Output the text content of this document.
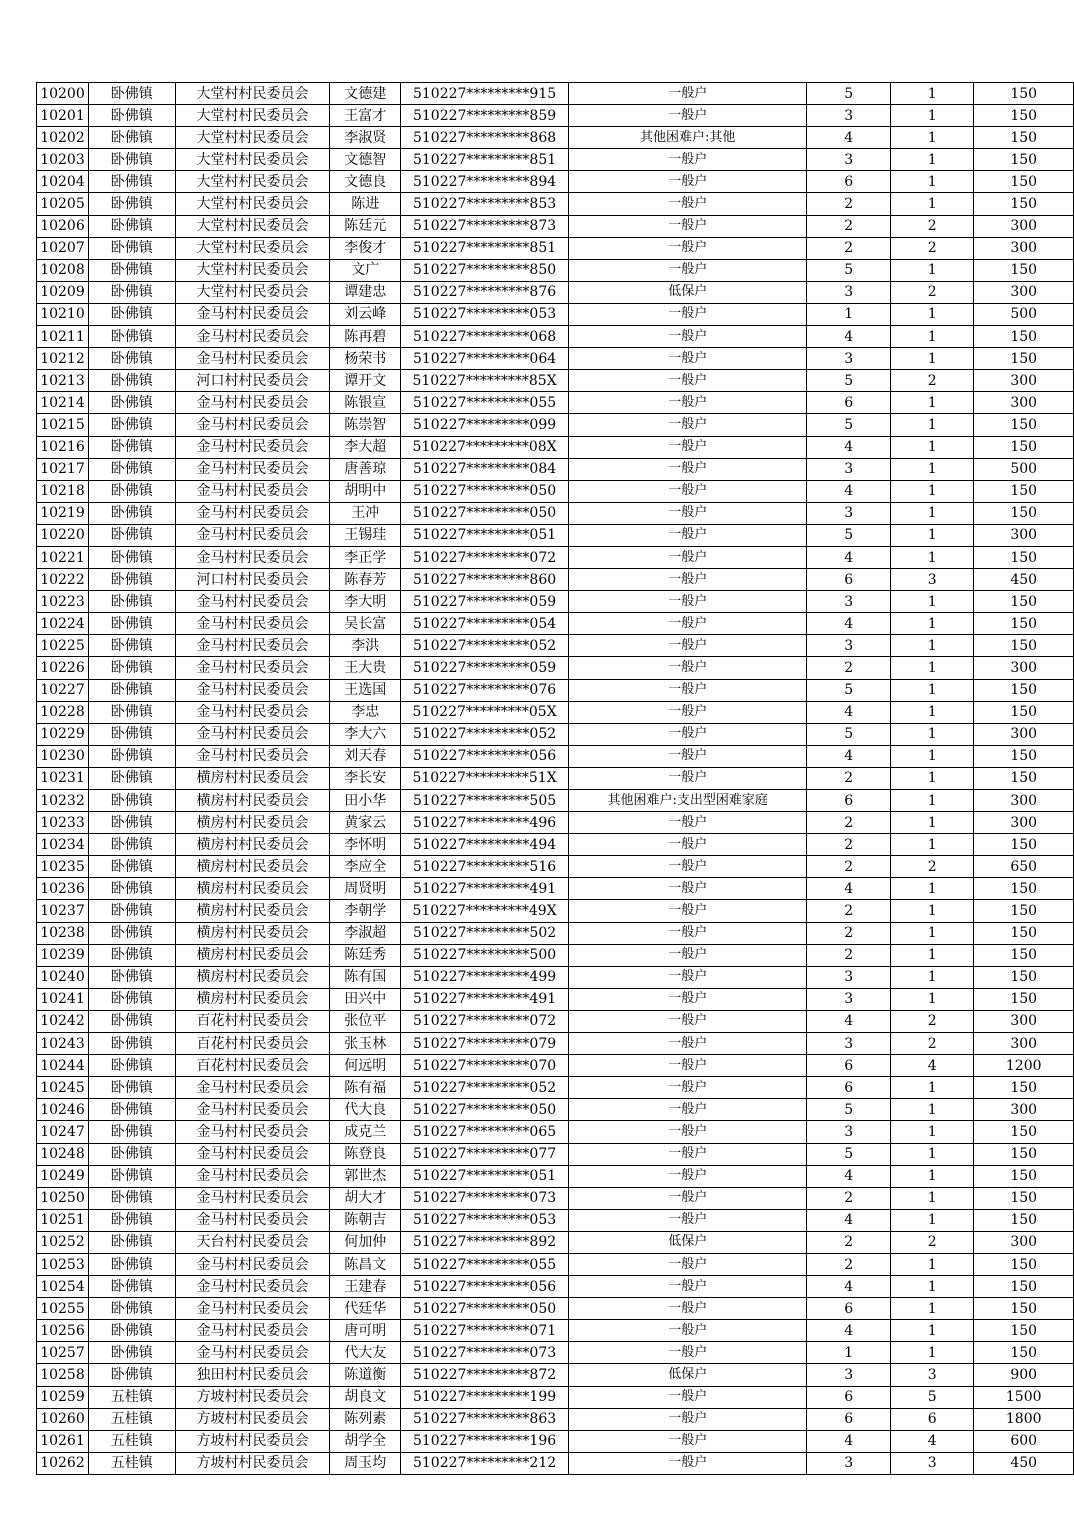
10200	卧佛镇	大堂村村民委员会	文德建	510227*********915	一般户	5	1	150
10201	卧佛镇	大堂村村民委员会	王富才	510227*********859	一般户	3	1	150
10202	卧佛镇	大堂村村民委员会	李淑贤	510227*********868	其他困难户:其他	4	1	150
10203	卧佛镇	大堂村村民委员会	文德智	510227*********851	一般户	3	1	150
10204	卧佛镇	大堂村村民委员会	文德良	510227*********894	一般户	6	1	150
10205	卧佛镇	大堂村村民委员会	陈进	510227*********853	一般户	2	1	150
10206	卧佛镇	大堂村村民委员会	陈廷元	510227*********873	一般户	2	2	300
10207	卧佛镇	大堂村村民委员会	李俊才	510227*********851	一般户	2	2	300
10208	卧佛镇	大堂村村民委员会	文广	510227*********850	一般户	5	1	150
10209	卧佛镇	大堂村村民委员会	谭建忠	510227*********876	低保户	3	2	300
10210	卧佛镇	金马村村民委员会	刘云峰	510227*********053	一般户	1	1	500
10211	卧佛镇	金马村村民委员会	陈再碧	510227*********068	一般户	4	1	150
10212	卧佛镇	金马村村民委员会	杨荣书	510227*********064	一般户	3	1	150
10213	卧佛镇	河口村村民委员会	谭开文	510227*********85X	一般户	5	2	300
10214	卧佛镇	金马村村民委员会	陈银宣	510227*********055	一般户	6	1	300
10215	卧佛镇	金马村村民委员会	陈崇智	510227*********099	一般户	5	1	150
10216	卧佛镇	金马村村民委员会	李大超	510227*********08X	一般户	4	1	150
10217	卧佛镇	金马村村民委员会	唐善琼	510227*********084	一般户	3	1	500
10218	卧佛镇	金马村村民委员会	胡明中	510227*********050	一般户	4	1	150
10219	卧佛镇	金马村村民委员会	王冲	510227*********050	一般户	3	1	150
10220	卧佛镇	金马村村民委员会	王锡珪	510227*********051	一般户	5	1	300
10221	卧佛镇	金马村村民委员会	李正学	510227*********072	一般户	4	1	150
10222	卧佛镇	河口村村民委员会	陈春芳	510227*********860	一般户	6	3	450
10223	卧佛镇	金马村村民委员会	李大明	510227*********059	一般户	3	1	150
10224	卧佛镇	金马村村民委员会	吴长富	510227*********054	一般户	4	1	150
10225	卧佛镇	金马村村民委员会	李洪	510227*********052	一般户	3	1	150
10226	卧佛镇	金马村村民委员会	王大贵	510227*********059	一般户	2	1	300
10227	卧佛镇	金马村村民委员会	王选国	510227*********076	一般户	5	1	150
10228	卧佛镇	金马村村民委员会	李忠	510227*********05X	一般户	4	1	150
10229	卧佛镇	金马村村民委员会	李大六	510227*********052	一般户	5	1	300
10230	卧佛镇	金马村村民委员会	刘天春	510227*********056	一般户	4	1	150
10231	卧佛镇	横房村村民委员会	李长安	510227*********51X	一般户	2	1	150
10232	卧佛镇	横房村村民委员会	田小华	510227*********505	其他困难户:支出型困难家庭	6	1	300
10233	卧佛镇	横房村村民委员会	黄家云	510227*********496	一般户	2	1	300
10234	卧佛镇	横房村村民委员会	李怀明	510227*********494	一般户	2	1	150
10235	卧佛镇	横房村村民委员会	李应全	510227*********516	一般户	2	2	650
10236	卧佛镇	横房村村民委员会	周贤明	510227*********491	一般户	4	1	150
10237	卧佛镇	横房村村民委员会	李朝学	510227*********49X	一般户	2	1	150
10238	卧佛镇	横房村村民委员会	李淑超	510227*********502	一般户	2	1	150
10239	卧佛镇	横房村村民委员会	陈廷秀	510227*********500	一般户	2	1	150
10240	卧佛镇	横房村村民委员会	陈有国	510227*********499	一般户	3	1	150
10241	卧佛镇	横房村村民委员会	田兴中	510227*********491	一般户	3	1	150
10242	卧佛镇	百花村村民委员会	张位平	510227*********072	一般户	4	2	300
10243	卧佛镇	百花村村民委员会	张玉林	510227*********079	一般户	3	2	300
10244	卧佛镇	百花村村民委员会	何远明	510227*********070	一般户	6	4	1200
10245	卧佛镇	金马村村民委员会	陈有福	510227*********052	一般户	6	1	150
10246	卧佛镇	金马村村民委员会	代大良	510227*********050	一般户	5	1	300
10247	卧佛镇	金马村村民委员会	成克兰	510227*********065	一般户	3	1	150
10248	卧佛镇	金马村村民委员会	陈登良	510227*********077	一般户	5	1	150
10249	卧佛镇	金马村村民委员会	郭世杰	510227*********051	一般户	4	1	150
10250	卧佛镇	金马村村民委员会	胡大才	510227*********073	一般户	2	1	150
10251	卧佛镇	金马村村民委员会	陈朝吉	510227*********053	一般户	4	1	150
10252	卧佛镇	天台村村民委员会	何加仲	510227*********892	低保户	2	2	300
10253	卧佛镇	金马村村民委员会	陈昌文	510227*********055	一般户	2	1	150
10254	卧佛镇	金马村村民委员会	王建春	510227*********056	一般户	4	1	150
10255	卧佛镇	金马村村民委员会	代廷华	510227*********050	一般户	6	1	150
10256	卧佛镇	金马村村民委员会	唐可明	510227*********071	一般户	4	1	150
10257	卧佛镇	金马村村民委员会	代大友	510227*********073	一般户	1	1	150
10258	卧佛镇	独田村村民委员会	陈道衡	510227*********872	低保户	3	3	900
10259	五桂镇	方坡村村民委员会	胡良文	510227*********199	一般户	6	5	1500
10260	五桂镇	方坡村村民委员会	陈列素	510227*********863	一般户	6	6	1800
10261	五桂镇	方坡村村民委员会	胡学全	510227*********196	一般户	4	4	600
10262	五桂镇	方坡村村民委员会	周玉均	510227*********212	一般户	3	3	450
